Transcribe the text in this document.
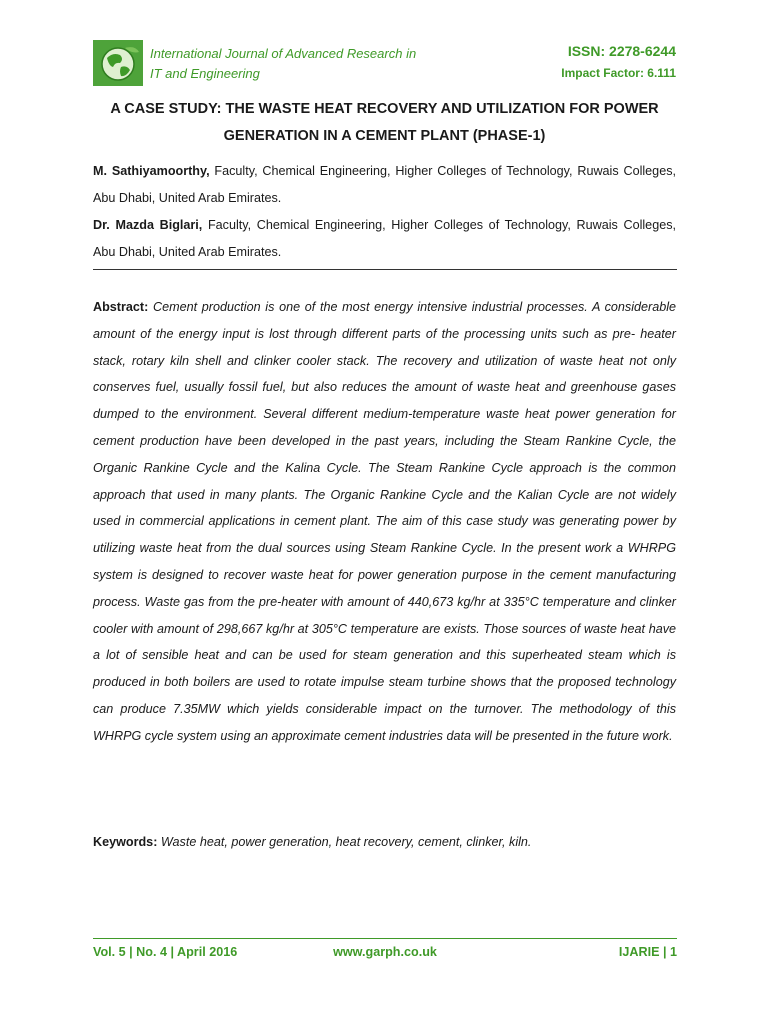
International Journal of Advanced Research in
IT and Engineering
ISSN: 2278-6244
Impact Factor: 6.111
A CASE STUDY: THE WASTE HEAT RECOVERY AND UTILIZATION FOR POWER
GENERATION IN A CEMENT PLANT (PHASE-1)
M. Sathiyamoorthy, Faculty, Chemical Engineering, Higher Colleges of Technology, Ruwais Colleges, Abu Dhabi, United Arab Emirates.
Dr. Mazda Biglari, Faculty, Chemical Engineering, Higher Colleges of Technology, Ruwais Colleges, Abu Dhabi, United Arab Emirates.
Abstract: Cement production is one of the most energy intensive industrial processes. A considerable amount of the energy input is lost through different parts of the processing units such as pre- heater stack, rotary kiln shell and clinker cooler stack. The recovery and utilization of waste heat not only conserves fuel, usually fossil fuel, but also reduces the amount of waste heat and greenhouse gases dumped to the environment. Several different medium-temperature waste heat power generation for cement production have been developed in the past years, including the Steam Rankine Cycle, the Organic Rankine Cycle and the Kalina Cycle. The Steam Rankine Cycle approach is the common approach that used in many plants. The Organic Rankine Cycle and the Kalian Cycle are not widely used in commercial applications in cement plant. The aim of this case study was generating power by utilizing waste heat from the dual sources using Steam Rankine Cycle. In the present work a WHRPG system is designed to recover waste heat for power generation purpose in the cement manufacturing process. Waste gas from the pre-heater with amount of 440,673 kg/hr at 335°C temperature and clinker cooler with amount of 298,667 kg/hr at 305°C temperature are exists. Those sources of waste heat have a lot of sensible heat and can be used for steam generation and this superheated steam which is produced in both boilers are used to rotate impulse steam turbine shows that the proposed technology can produce 7.35MW which yields considerable impact on the turnover. The methodology of this WHRPG cycle system using an approximate cement industries data will be presented in the future work.
Keywords: Waste heat, power generation, heat recovery, cement, clinker, kiln.
Vol. 5 | No. 4 | April 2016	www.garph.co.uk	IJARIE | 1
